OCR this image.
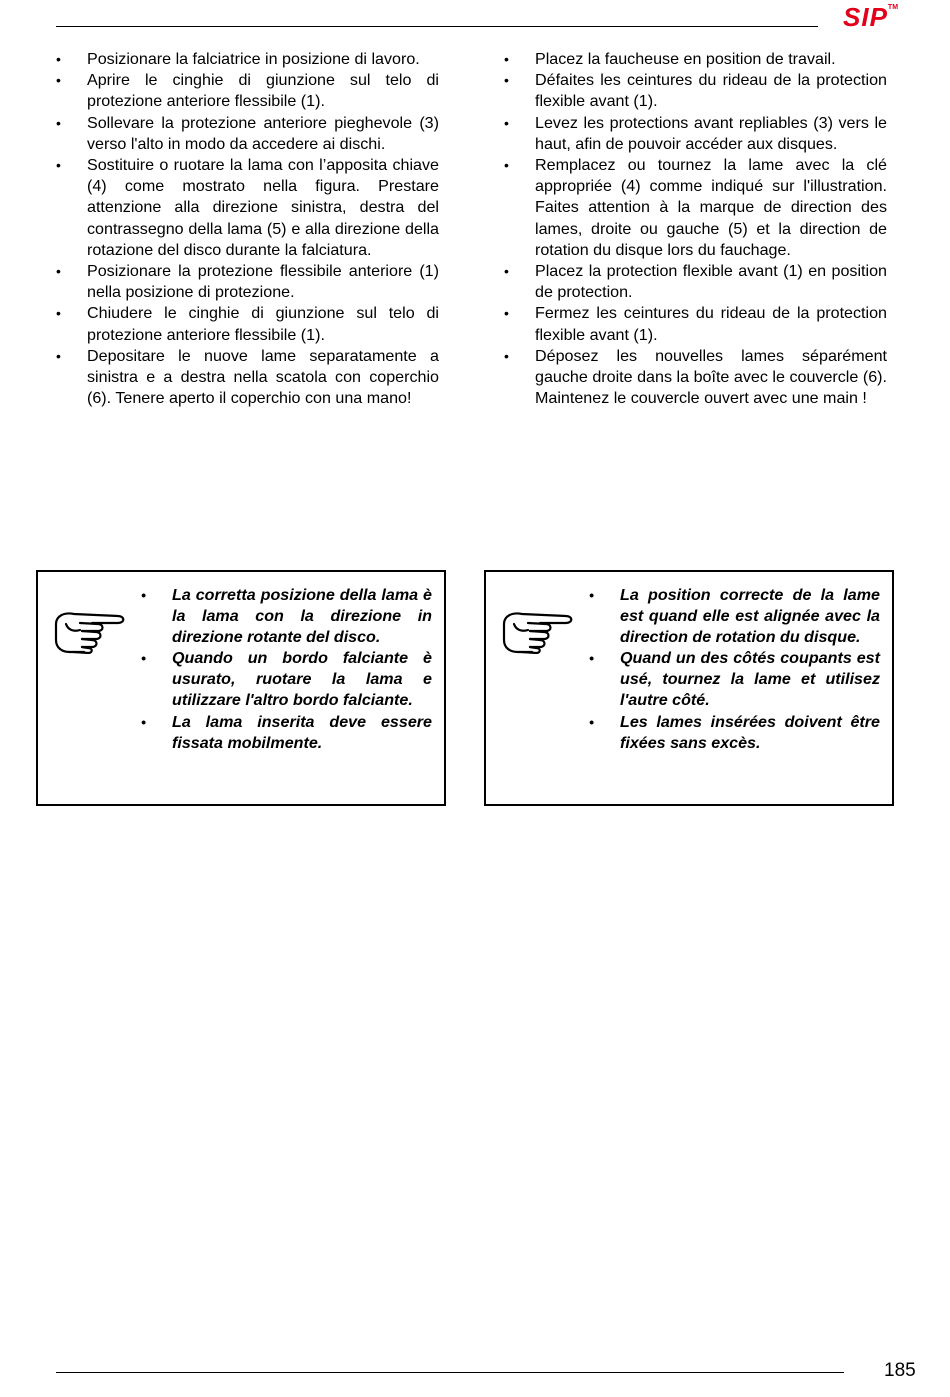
SIP™
• Posizionare la falciatrice in posizione di lavoro.
• Aprire le cinghie di giunzione sul telo di protezione anteriore flessibile (1).
• Sollevare la protezione anteriore pieghevole (3) verso l'alto in modo da accedere ai dischi.
• Sostituire o ruotare la lama con l’apposita chiave (4) come mostrato nella figura. Prestare attenzione alla direzione sinistra, destra del contrassegno della lama (5) e alla direzione della rotazione del disco durante la falciatura.
• Posizionare la protezione flessibile anteriore (1) nella posizione di protezione.
• Chiudere le cinghie di giunzione sul telo di protezione anteriore flessibile (1).
• Depositare le nuove lame separatamente a sinistra e a destra nella scatola con coperchio (6). Tenere aperto il coperchio con una mano!
• Placez la faucheuse en position de travail.
• Défaites les ceintures du rideau de la protection flexible avant (1).
• Levez les protections avant repliables (3) vers le haut, afin de pouvoir accéder aux disques.
• Remplacez ou tournez la lame avec la clé appropriée (4) comme indiqué sur l'illustration. Faites attention à la marque de direction des lames, droite ou gauche (5) et la direction de rotation du disque lors du fauchage.
• Placez la protection flexible avant (1) en position de protection.
• Fermez les ceintures du rideau de la protection flexible avant (1).
• Déposez les nouvelles lames séparément gauche droite dans la boîte avec le couvercle (6). Maintenez le couvercle ouvert avec une main !
• La corretta posizione della lama è la lama con la direzione in direzione rotante del disco.
• Quando un bordo falciante è usurato, ruotare la lama e utilizzare l'altro bordo falciante.
• La lama inserita deve essere fissata mobilmente.
• La position correcte de la lame est quand elle est alignée avec la direction de rotation du disque.
• Quand un des côtés coupants est usé, tournez la lame et utilisez l'autre côté.
• Les lames insérées doivent être fixées sans excès.
185
